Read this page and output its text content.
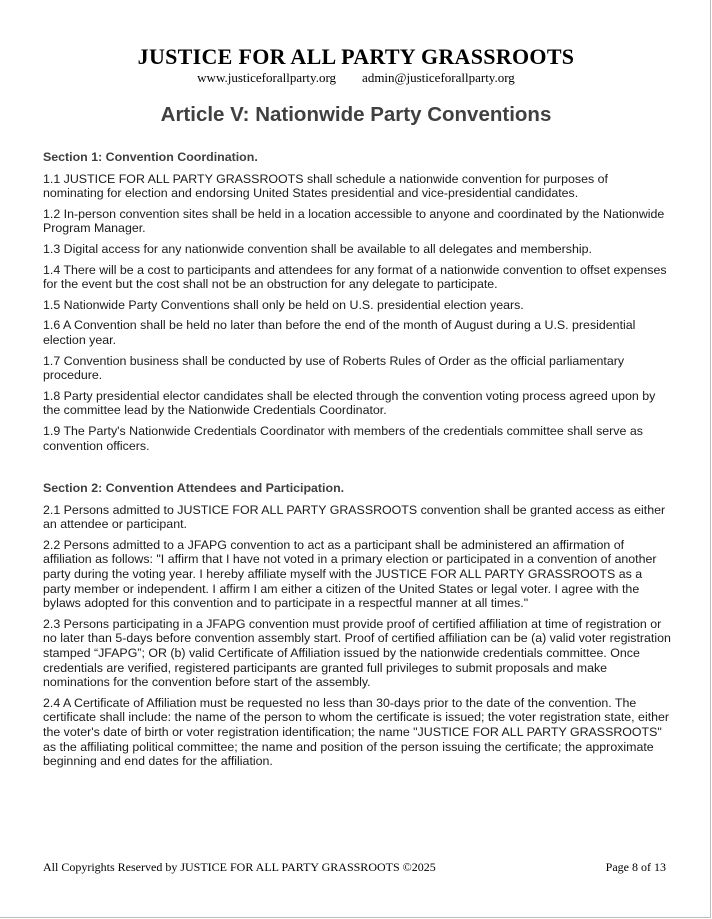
JUSTICE FOR ALL PARTY GRASSROOTS
www.justiceforallparty.org admin@justiceforallparty.org
Article V: Nationwide Party Conventions

Section 1: Convention Coordination.

1.1 JUSTICE FOR ALL PARTY GRASSROOTS shall schedule a nationwide convention for purposes of nominating for election and endorsing United States presidential and vice-presidential candidates.

1.2 In-person convention sites shall be held in a location accessible to anyone and coordinated by the Nationwide Program Manager.

1.3 Digital access for any nationwide convention shall be available to all delegates and membership.

1.4 There will be a cost to participants and attendees for any format of a nationwide convention to offset expenses for the event but the cost shall not be an obstruction for any delegate to participate.

1.5 Nationwide Party Conventions shall only be held on U.S. presidential election years.

1.6 A Convention shall be held no later than before the end of the month of August during a U.S. presidential election year.

1.7 Convention business shall be conducted by use of Roberts Rules of Order as the official parliamentary procedure.

1.8 Party presidential elector candidates shall be elected through the convention voting process agreed upon by the committee lead by the Nationwide Credentials Coordinator.

1.9 The Party's Nationwide Credentials Coordinator with members of the credentials committee shall serve as convention officers.

Section 2: Convention Attendees and Participation.

2.1 Persons admitted to JUSTICE FOR ALL PARTY GRASSROOTS convention shall be granted access as either an attendee or participant.

2.2 Persons admitted to a JFAPG convention to act as a participant shall be administered an affirmation of affiliation as follows: "I affirm that I have not voted in a primary election or participated in a convention of another party during the voting year. I hereby affiliate myself with the JUSTICE FOR ALL PARTY GRASSROOTS as a party member or independent. I affirm I am either a citizen of the United States or legal voter. I agree with the bylaws adopted for this convention and to participate in a respectful manner at all times."

2.3 Persons participating in a JFAPG convention must provide proof of certified affiliation at time of registration or no later than 5-days before convention assembly start. Proof of certified affiliation can be (a) valid voter registration stamped “JFAPG”; OR (b) valid Certificate of Affiliation issued by the nationwide credentials committee. Once credentials are verified, registered participants are granted full privileges to submit proposals and make nominations for the convention before start of the assembly.

2.4 A Certificate of Affiliation must be requested no less than 30-days prior to the date of the convention. The certificate shall include: the name of the person to whom the certificate is issued; the voter registration state, either the voter's date of birth or voter registration identification; the name "JUSTICE FOR ALL PARTY GRASSROOTS" as the affiliating political committee; the name and position of the person issuing the certificate; the approximate beginning and end dates for the affiliation.

All Copyrights Reserved by JUSTICE FOR ALL PARTY GRASSROOTS ©2025	Page 8 of 13
